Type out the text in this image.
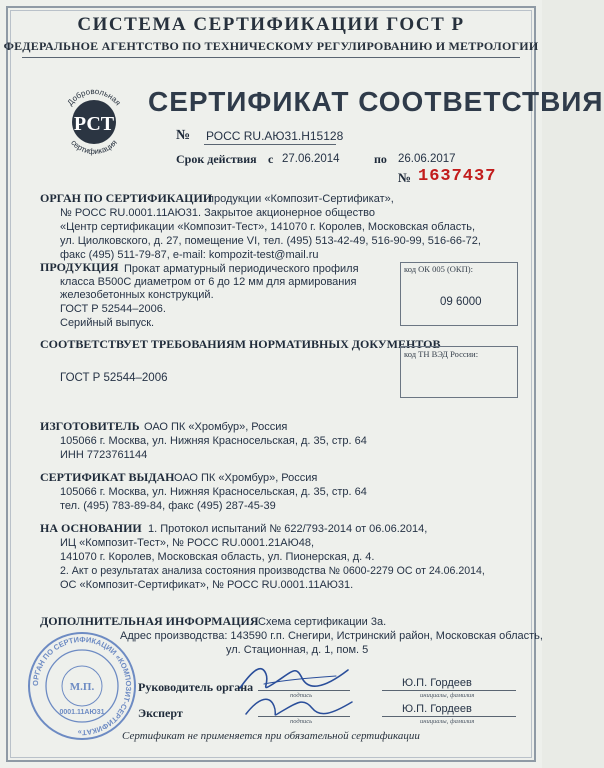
СИСТЕМА СЕРТИФИКАЦИИ ГОСТ Р
ФЕДЕРАЛЬНОЕ АГЕНТСТВО ПО ТЕХНИЧЕСКОМУ РЕГУЛИРОВАНИЮ И МЕТРОЛОГИИ
РСТ
Добровольная
сертификация
СЕРТИФИКАТ СООТВЕТСТВИЯ
№ РОСС RU.АЮ31.Н15128
Срок действия с 27.06.2014	по 26.06.2017
№ 1637437
ОРГАН ПО СЕРТИФИКАЦИИ
продукции «Композит-Сертификат»,
№ РОСС RU.0001.11АЮ31. Закрытое акционерное общество
«Центр сертификации «Композит-Тест», 141070 г. Королев, Московская область,
ул. Циолковского, д. 27, помещение VI, тел. (495) 513-42-49, 516-90-99, 516-66-72,
факс (495) 511-79-87, e-mail: kompozit-test@mail.ru
ПРОДУКЦИЯ Прокат арматурный периодического профиля
класса В500С диаметром от 6 до 12 мм для армирования
железобетонных конструкций.
ГОСТ Р 52544–2006.
Серийный выпуск.
код ОК 005 (ОКП):
09 6000
СООТВЕТСТВУЕТ ТРЕБОВАНИЯМ НОРМАТИВНЫХ ДОКУМЕНТОВ
код ТН ВЭД России:
ГОСТ Р 52544–2006
ИЗГОТОВИТЕЛЬ ОАО ПК «Хромбур», Россия
105066 г. Москва, ул. Нижняя Красносельская, д. 35, стр. 64
ИНН 7723761144
СЕРТИФИКАТ ВЫДАН ОАО ПК «Хромбур», Россия
105066 г. Москва, ул. Нижняя Красносельская, д. 35, стр. 64
тел. (495) 783-89-84, факс (495) 287-45-39
НА ОСНОВАНИИ 1. Протокол испытаний № 622/793-2014 от 06.06.2014,
ИЦ «Композит-Тест», № РОСС RU.0001.21АЮ48,
141070 г. Королев, Московская область, ул. Пионерская, д. 4.
2. Акт о результатах анализа состояния производства № 0600-2279 ОС от 24.06.2014,
ОС «Композит-Сертификат», № РОСС RU.0001.11АЮ31.
ДОПОЛНИТЕЛЬНАЯ ИНФОРМАЦИЯ Схема сертификации 3а.
Адрес производства: 143590 г.п. Снегири, Истринский район, Московская область,
ул. Стационная, д. 1, пом. 5
ОРГАН ПО СЕРТИФИКАЦИИ «КОМПОЗИТ-СЕРТИФИКАТ»
М.П.
0001.11АЮ31
Руководитель органа
подпись
Ю.П. Гордеев
инициалы, фамилия
Эксперт
подпись
Ю.П. Гордеев
инициалы, фамилия
Сертификат не применяется при обязательной сертификации
